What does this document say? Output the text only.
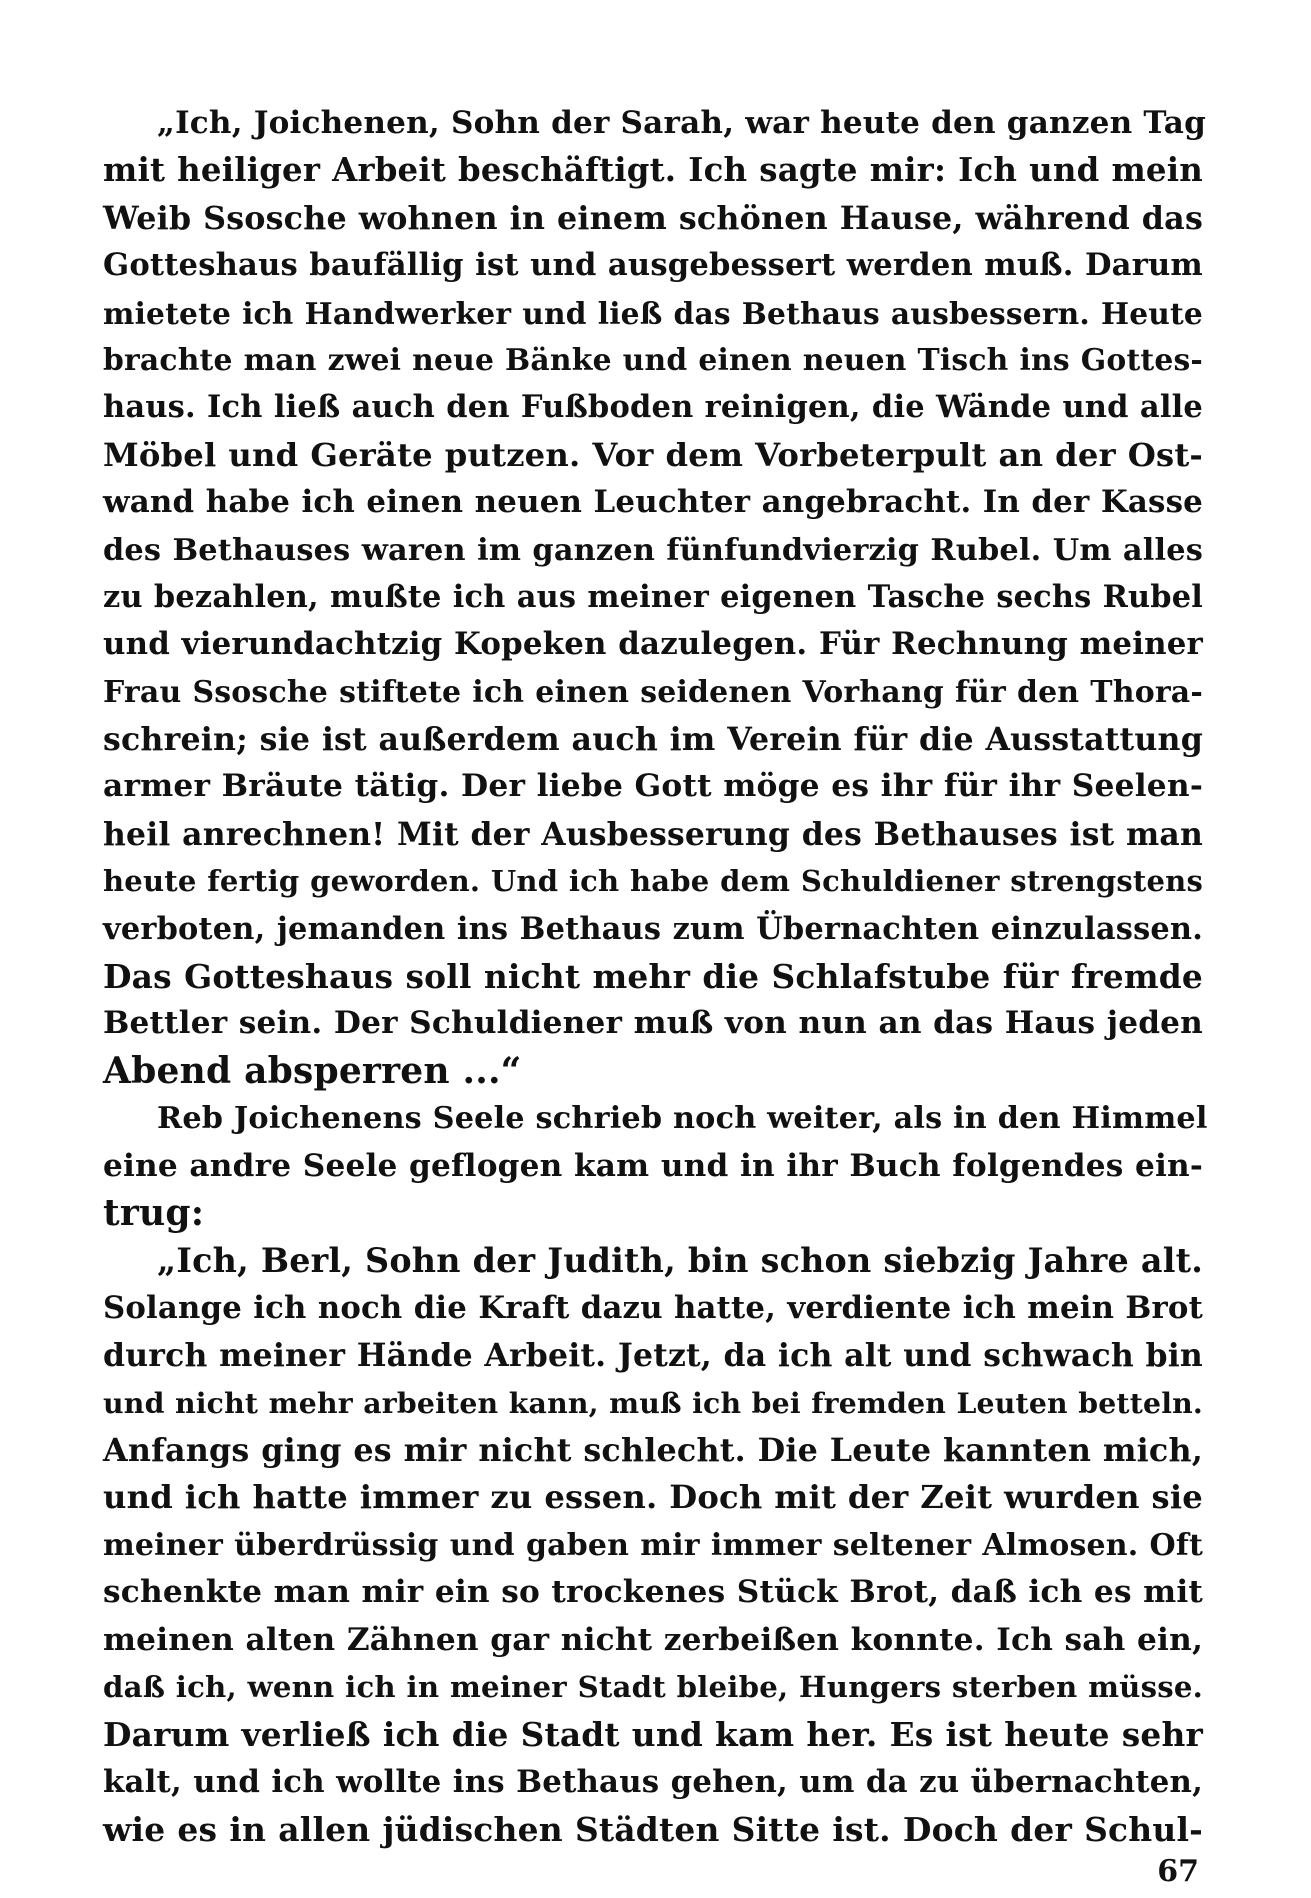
„Ich, Joichenen, Sohn der Sarah, war heute den ganzen Tag
mit heiliger Arbeit beschäftigt. Ich sagte mir: Ich und mein
Weib Ssosche wohnen in einem schönen Hause, während das
Gotteshaus baufällig ist und ausgebessert werden muß. Darum
mietete ich Handwerker und ließ das Bethaus ausbessern. Heute
brachte man zwei neue Bänke und einen neuen Tisch ins Gottes-
haus. Ich ließ auch den Fußboden reinigen, die Wände und alle
Möbel und Geräte putzen. Vor dem Vorbeterpult an der Ost-
wand habe ich einen neuen Leuchter angebracht. In der Kasse
des Bethauses waren im ganzen fünfundvierzig Rubel. Um alles
zu bezahlen, mußte ich aus meiner eigenen Tasche sechs Rubel
und vierundachtzig Kopeken dazulegen. Für Rechnung meiner
Frau Ssosche stiftete ich einen seidenen Vorhang für den Thora-
schrein; sie ist außerdem auch im Verein für die Ausstattung
armer Bräute tätig. Der liebe Gott möge es ihr für ihr Seelen-
heil anrechnen! Mit der Ausbesserung des Bethauses ist man
heute fertig geworden. Und ich habe dem Schuldiener strengstens
verboten, jemanden ins Bethaus zum Übernachten einzulassen.
Das Gotteshaus soll nicht mehr die Schlafstube für fremde
Bettler sein. Der Schuldiener muß von nun an das Haus jeden
Abend absperren ...“
Reb Joichenens Seele schrieb noch weiter, als in den Himmel
eine andre Seele geflogen kam und in ihr Buch folgendes ein-
trug:
„Ich, Berl, Sohn der Judith, bin schon siebzig Jahre alt.
Solange ich noch die Kraft dazu hatte, verdiente ich mein Brot
durch meiner Hände Arbeit. Jetzt, da ich alt und schwach bin
und nicht mehr arbeiten kann, muß ich bei fremden Leuten betteln.
Anfangs ging es mir nicht schlecht. Die Leute kannten mich,
und ich hatte immer zu essen. Doch mit der Zeit wurden sie
meiner überdrüssig und gaben mir immer seltener Almosen. Oft
schenkte man mir ein so trockenes Stück Brot, daß ich es mit
meinen alten Zähnen gar nicht zerbeißen konnte. Ich sah ein,
daß ich, wenn ich in meiner Stadt bleibe, Hungers sterben müsse.
Darum verließ ich die Stadt und kam her. Es ist heute sehr
kalt, und ich wollte ins Bethaus gehen, um da zu übernachten,
wie es in allen jüdischen Städten Sitte ist. Doch der Schul-
67
